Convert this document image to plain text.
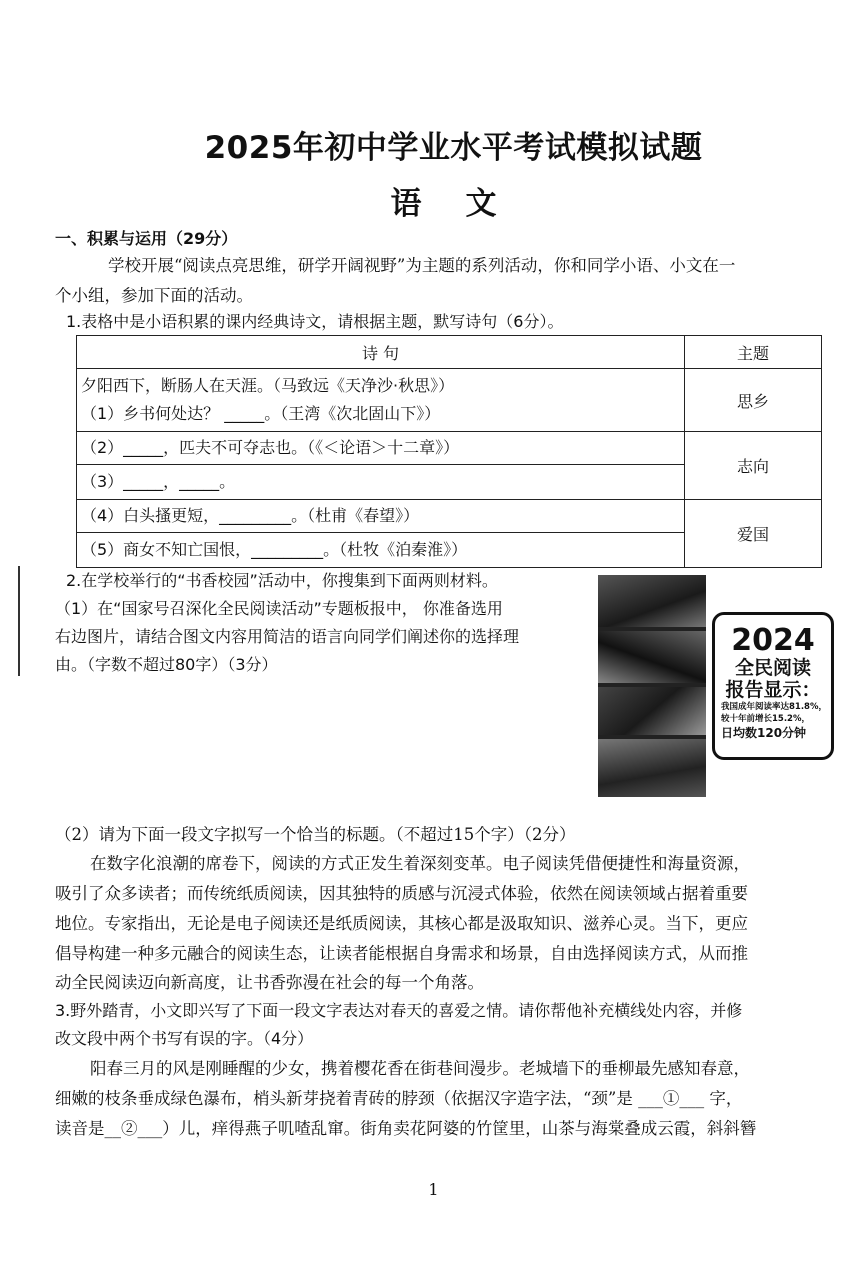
2025年初中学业水平考试模拟试题
语 文
一、积累与运用（29分）
学校开展“阅读点亮思维，研学开阔视野”为主题的系列活动，你和同学小语、小文在一
个小组，参加下面的活动。
1.表格中是小语积累的课内经典诗文，请根据主题，默写诗句（6分）。
诗 句	主题

夕阳西下，断肠人在天涯。（马致远《天净沙·秋思》）
（1）乡书何处达？ _____。（王湾《次北固山下》）	思乡

（2）_____，匹夫不可夺志也。（《＜论语＞十二章》）	志向

（3）_____，_____。	

（4）白头搔更短，_________。（杜甫《春望》）	爱国

（5）商女不知亡国恨，_________。（杜牧《泊秦淮》）	
2.在学校举行的“书香校园”活动中，你搜集到下面两则材料。
（1）在“国家号召深化全民阅读活动”专题板报中， 你准备选用
右边图片，请结合图文内容用简洁的语言向同学们阐述你的选择理
由。（字数不超过80字）（3分）
2024
全民阅读
报告显示：
我国成年阅读率达81.8%，
较十年前增长15.2%，
日均数120分钟
（2）请为下面一段文字拟写一个恰当的标题。（不超过15个字）（2分）
在数字化浪潮的席卷下，阅读的方式正发生着深刻变革。电子阅读凭借便捷性和海量资源，
吸引了众多读者；而传统纸质阅读，因其独特的质感与沉浸式体验，依然在阅读领域占据着重要
地位。专家指出，无论是电子阅读还是纸质阅读，其核心都是汲取知识、滋养心灵。当下，更应
倡导构建一种多元融合的阅读生态，让读者能根据自身需求和场景，自由选择阅读方式，从而推
动全民阅读迈向新高度，让书香弥漫在社会的每一个角落。
3.野外踏青，小文即兴写了下面一段文字表达对春天的喜爱之情。请你帮他补充横线处内容，并修
改文段中两个书写有误的字。（4分）
阳春三月的风是刚睡醒的少女，携着樱花香在街巷间漫步。老城墙下的垂柳最先感知春意，
细嫩的枝条垂成绿色瀑布，梢头新芽挠着青砖的脖颈（依据汉字造字法，“颈”是 ___①___ 字，
读音是__②___）儿，痒得燕子叽喳乱窜。街角卖花阿婆的竹筐里，山茶与海棠叠成云霞，斜斜簪
1
